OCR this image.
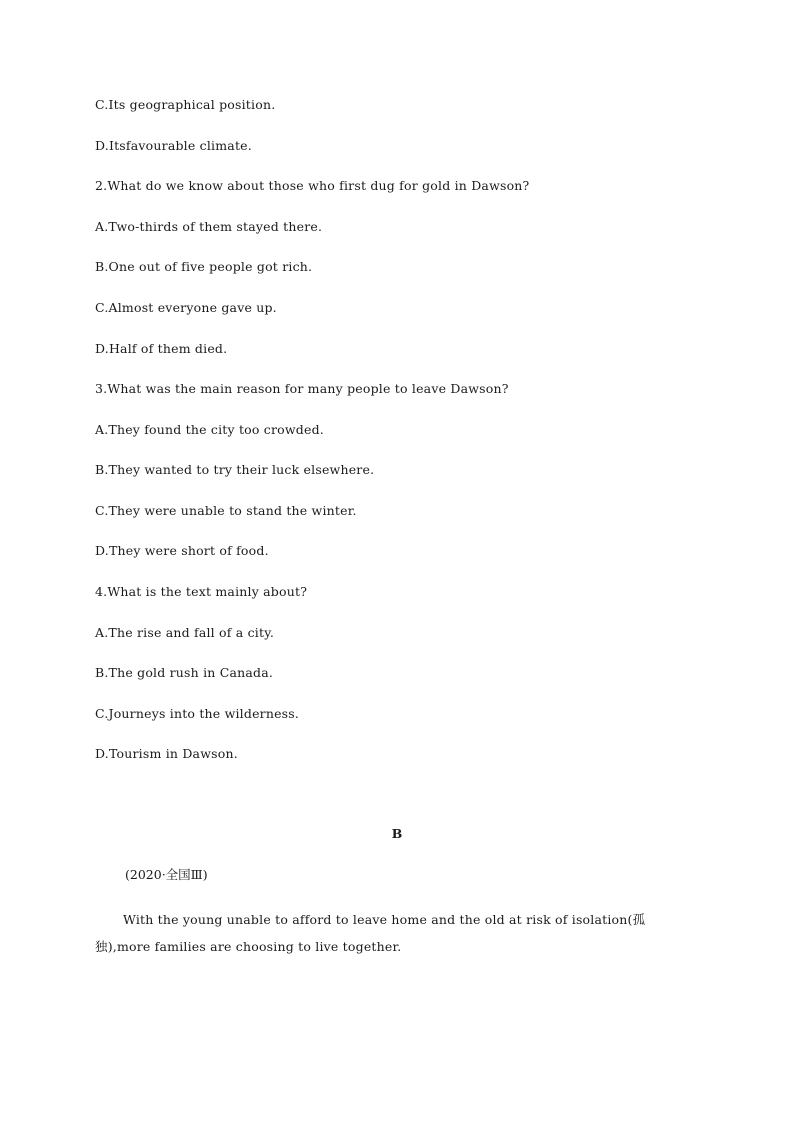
C.Its geographical position.
D.Itsfavourable climate.
2.What do we know about those who first dug for gold in Dawson?
A.Two-thirds of them stayed there.
B.One out of five people got rich.
C.Almost everyone gave up.
D.Half of them died.
3.What was the main reason for many people to leave Dawson?
A.They found the city too crowded.
B.They wanted to try their luck elsewhere.
C.They were unable to stand the winter.
D.They were short of food.
4.What is the text mainly about?
A.The rise and fall of a city.
B.The gold rush in Canada.
C.Journeys into the wilderness.
D.Tourism in Dawson.
B
(2020·全国Ⅲ)
With the young unable to afford to leave home and the old at risk of isolation(孤独),more families are choosing to live together.
